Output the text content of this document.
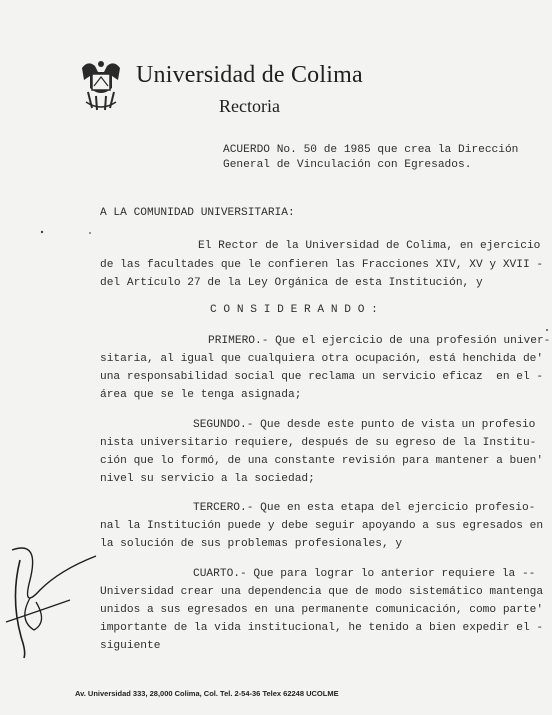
Universidad de Colima
Rectoria
ACUERDO No. 50 de 1985 que crea la Dirección
General de Vinculación con Egresados.
A LA COMUNIDAD UNIVERSITARIA:
El Rector de la Universidad de Colima, en ejercicio
de las facultades que le confieren las Fracciones XIV, XV y XVII -
del Artículo 27 de la Ley Orgánica de esta Institución, y
C O N S I D E R A N D O :
PRIMERO.- Que el ejercicio de una profesión univer-
sitaria, al igual que cualquiera otra ocupación, está henchida de'
una responsabilidad social que reclama un servicio eficaz  en el -
área que se le tenga asignada;
SEGUNDO.- Que desde este punto de vista un profesio
nista universitario requiere, después de su egreso de la Institu-
ción que lo formó, de una constante revisión para mantener a buen'
nivel su servicio a la sociedad;
TERCERO.- Que en esta etapa del ejercicio profesio-
nal la Institución puede y debe seguir apoyando a sus egresados en
la solución de sus problemas profesionales, y
CUARTO.- Que para lograr lo anterior requiere la --
Universidad crear una dependencia que de modo sistemático mantenga
unidos a sus egresados en una permanente comunicación, como parte'
importante de la vida institucional, he tenido a bien expedir el -
siguiente
Av. Universidad 333, 28,000 Colima, Col. Tel. 2-54-36 Telex 62248 UCOLME
